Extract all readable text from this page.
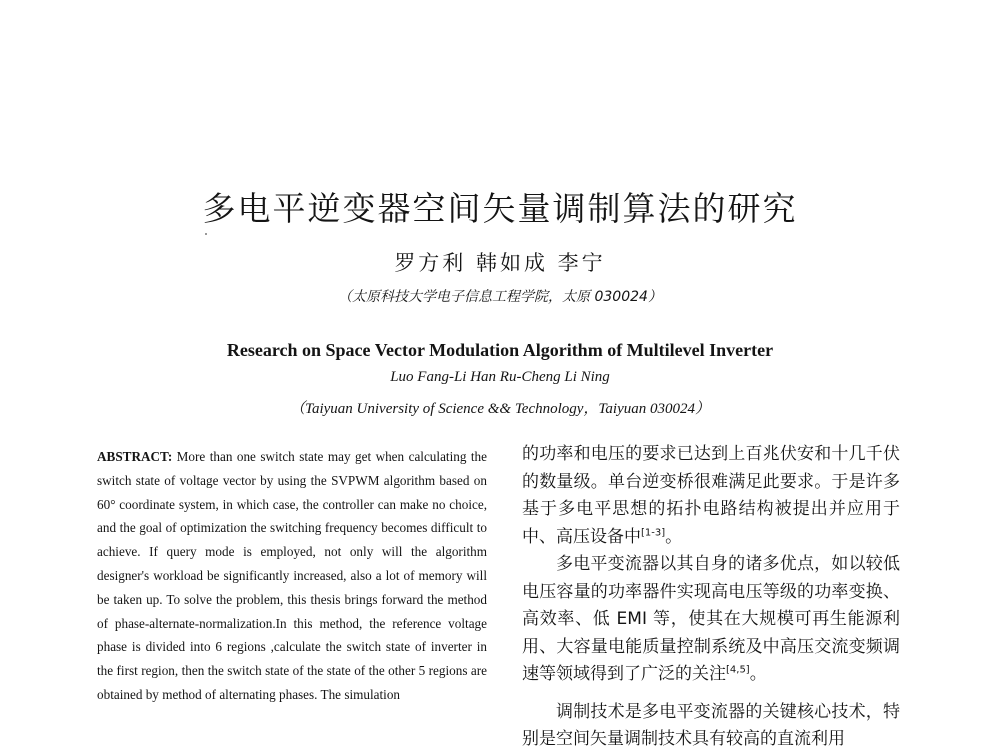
多电平逆变器空间矢量调制算法的研究
罗方利 韩如成 李宁
（太原科技大学电子信息工程学院，太原 030024）
Research on Space Vector Modulation Algorithm of Multilevel Inverter
Luo Fang-Li Han Ru-Cheng Li Ning
（Taiyuan University of Science && Technology，Taiyuan 030024）

ABSTRACT: More than one switch state may get when calculating the switch state of voltage vector by using the SVPWM algorithm based on 60° coordinate system, in which case, the controller can make no choice, and the goal of optimization the switching frequency becomes difficult to achieve. If query mode is employed, not only will the algorithm designer's workload be significantly increased, also a lot of memory will be taken up. To solve the problem, this thesis brings forward the method of phase-alternate-normalization.In this method, the reference voltage phase is divided into 6 regions ,calculate the switch state of inverter in the first region, then the switch state of the state of the other 5 regions are obtained by method of alternating phases. The simulation

的功率和电压的要求已达到上百兆伏安和十几千伏的数量级。单台逆变桥很难满足此要求。于是许多基于多电平思想的拓扑电路结构被提出并应用于中、高压设备中[1-3]。

多电平变流器以其自身的诸多优点，如以较低电压容量的功率器件实现高电压等级的功率变换、高效率、低 EMI 等，使其在大规模可再生能源利用、大容量电能质量控制系统及中高压交流变频调速等领域得到了广泛的关注[4,5]。

调制技术是多电平变流器的关键核心技术，特别是空间矢量调制技术具有较高的直流利用
